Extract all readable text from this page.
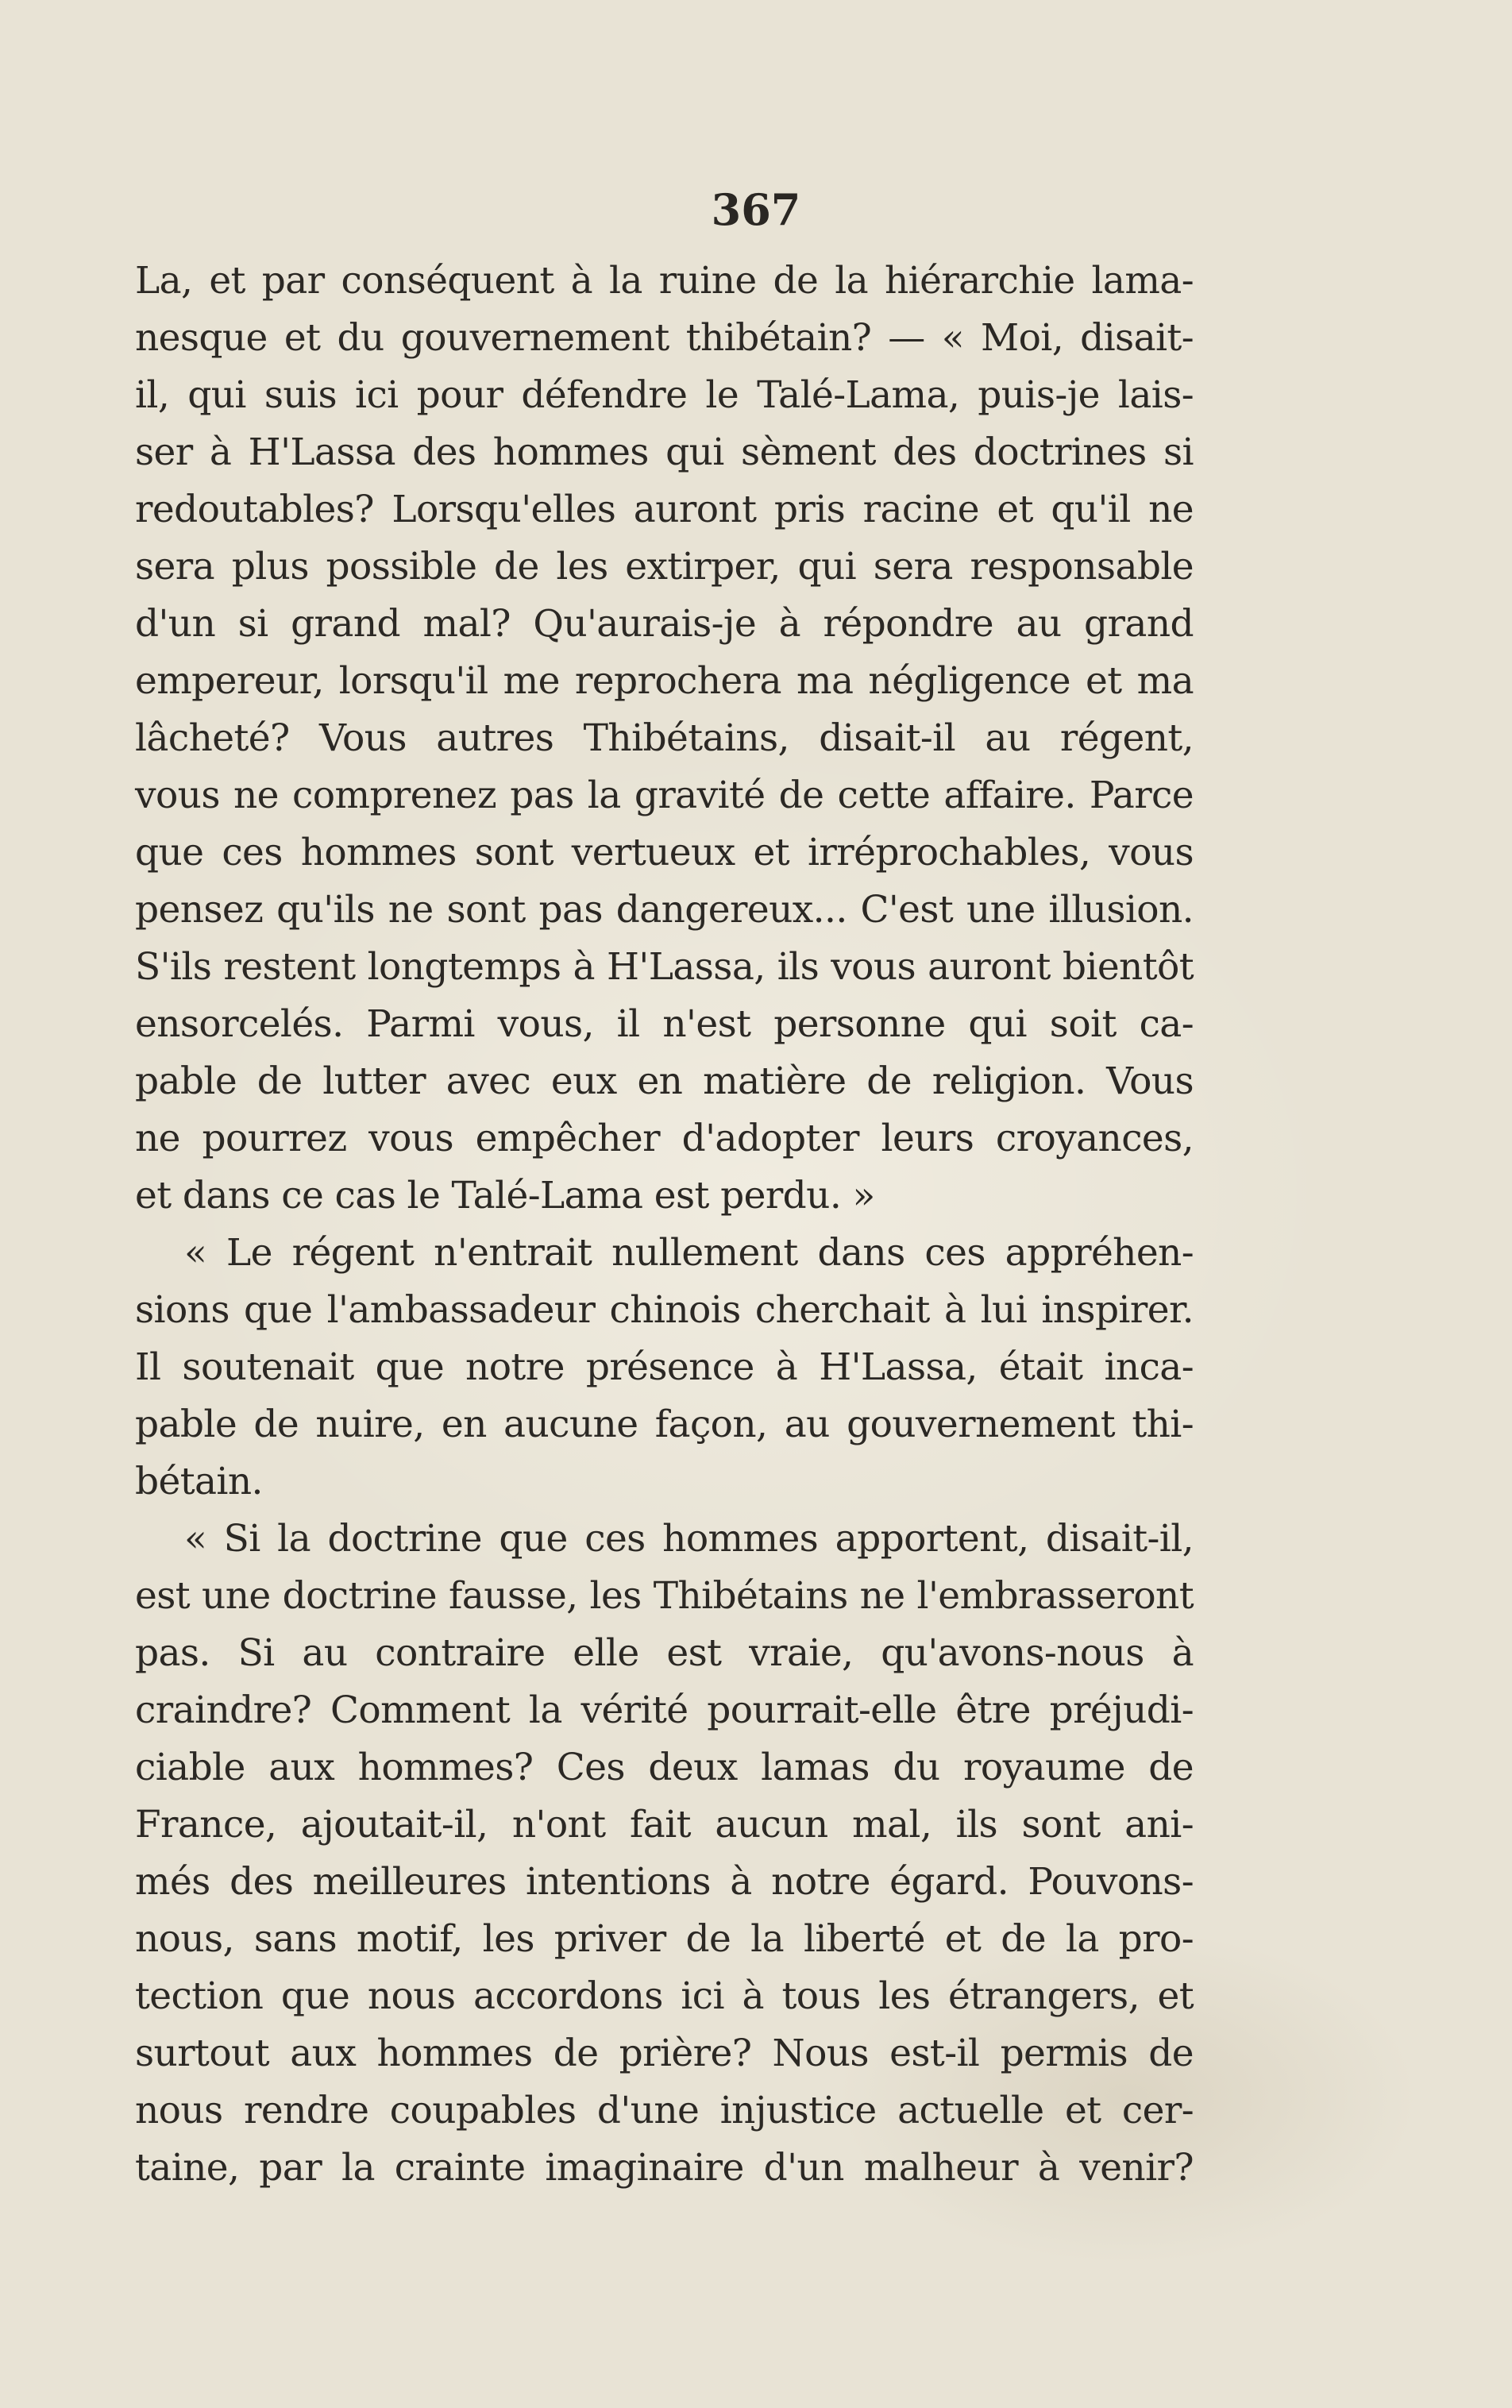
367
La, et par conséquent à la ruine de la hiérarchie lama-
nesque et du gouvernement thibétain? — « Moi, disait-
il, qui suis ici pour défendre le Talé-Lama, puis-je lais-
ser à H'Lassa des hommes qui sèment des doctrines si
redoutables? Lorsqu'elles auront pris racine et qu'il ne
sera plus possible de les extirper, qui sera responsable
d'un si grand mal? Qu'aurais-je à répondre au grand
empereur, lorsqu'il me reprochera ma négligence et ma
lâcheté? Vous autres Thibétains, disait-il au régent,
vous ne comprenez pas la gravité de cette affaire. Parce
que ces hommes sont vertueux et irréprochables, vous
pensez qu'ils ne sont pas dangereux... C'est une illusion.
S'ils restent longtemps à H'Lassa, ils vous auront bientôt
ensorcelés. Parmi vous, il n'est personne qui soit ca-
pable de lutter avec eux en matière de religion. Vous
ne pourrez vous empêcher d'adopter leurs croyances,
et dans ce cas le Talé-Lama est perdu. »
« Le régent n'entrait nullement dans ces appréhen-
sions que l'ambassadeur chinois cherchait à lui inspirer.
Il soutenait que notre présence à H'Lassa, était inca-
pable de nuire, en aucune façon, au gouvernement thi-
bétain.
« Si la doctrine que ces hommes apportent, disait-il,
est une doctrine fausse, les Thibétains ne l'embrasseront
pas. Si au contraire elle est vraie, qu'avons-nous à
craindre? Comment la vérité pourrait-elle être préjudi-
ciable aux hommes? Ces deux lamas du royaume de
France, ajoutait-il, n'ont fait aucun mal, ils sont ani-
més des meilleures intentions à notre égard. Pouvons-
nous, sans motif, les priver de la liberté et de la pro-
tection que nous accordons ici à tous les étrangers, et
surtout aux hommes de prière? Nous est-il permis de
nous rendre coupables d'une injustice actuelle et cer-
taine, par la crainte imaginaire d'un malheur à venir?
